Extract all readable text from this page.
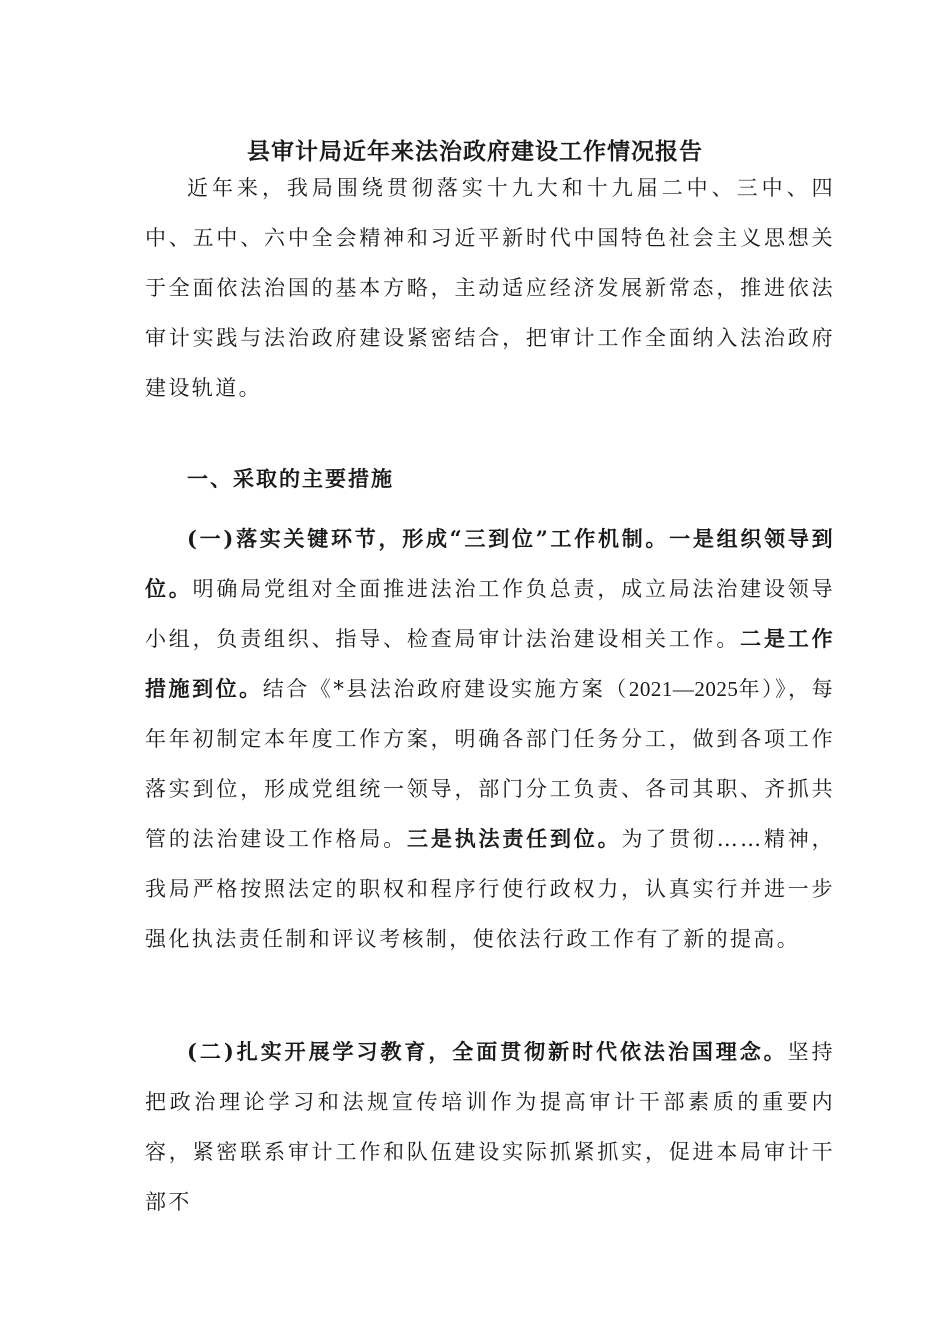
县审计局近年来法治政府建设工作情况报告

近年来，我局围绕贯彻落实十九大和十九届二中、三中、四中、五中、六中全会精神和习近平新时代中国特色社会主义思想关于全面依法治国的基本方略，主动适应经济发展新常态，推进依法审计实践与法治政府建设紧密结合，把审计工作全面纳入法治政府建设轨道。

一、采取的主要措施

(一)落实关键环节，形成“三到位”工作机制。一是组织领导到位。明确局党组对全面推进法治工作负总责，成立局法治建设领导小组，负责组织、指导、检查局审计法治建设相关工作。二是工作措施到位。结合《*县法治政府建设实施方案（2021—2025年）》，每年年初制定本年度工作方案，明确各部门任务分工，做到各项工作落实到位，形成党组统一领导，部门分工负责、各司其职、齐抓共管的法治建设工作格局。三是执法责任到位。为了贯彻……精神，我局严格按照法定的职权和程序行使行政权力，认真实行并进一步强化执法责任制和评议考核制，使依法行政工作有了新的提高。

(二)扎实开展学习教育，全面贯彻新时代依法治国理念。坚持把政治理论学习和法规宣传培训作为提高审计干部素质的重要内容，紧密联系审计工作和队伍建设实际抓紧抓实，促进本局审计干部不
